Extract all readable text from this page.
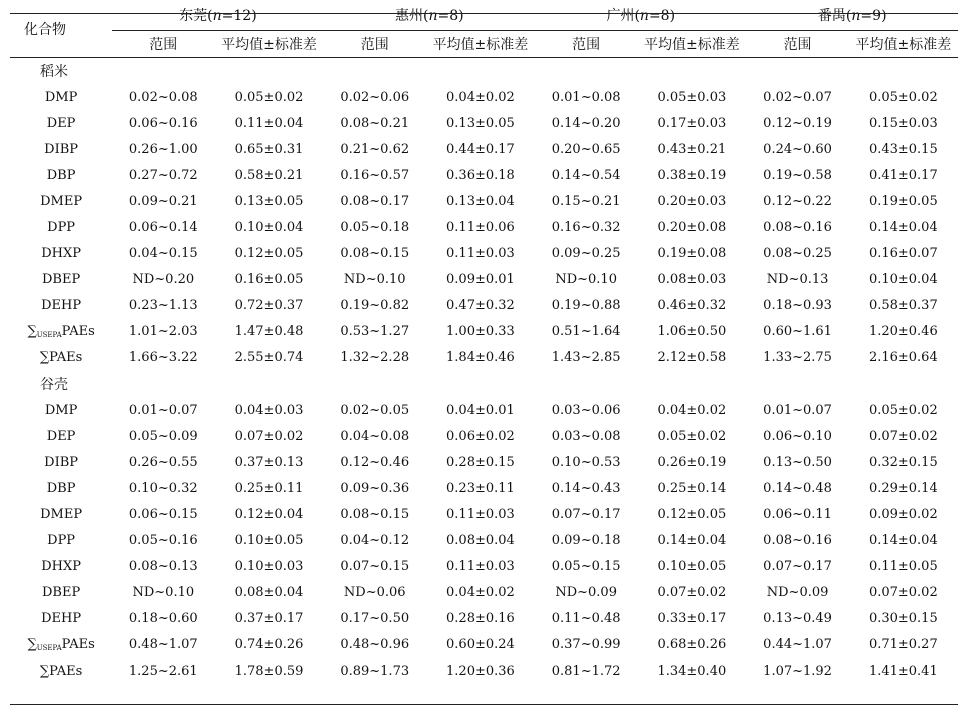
化合物	东莞(n=12)		惠州(n=8)		广州(n=8)		番禺(n=9)	
	范围	平均值±标准差	范围	平均值±标准差	范围	平均值±标准差	范围	平均值±标准差
稻米								
DMP	0.02~0.08	0.05±0.02	0.02~0.06	0.04±0.02	0.01~0.08	0.05±0.03	0.02~0.07	0.05±0.02
DEP	0.06~0.16	0.11±0.04	0.08~0.21	0.13±0.05	0.14~0.20	0.17±0.03	0.12~0.19	0.15±0.03
DIBP	0.26~1.00	0.65±0.31	0.21~0.62	0.44±0.17	0.20~0.65	0.43±0.21	0.24~0.60	0.43±0.15
DBP	0.27~0.72	0.58±0.21	0.16~0.57	0.36±0.18	0.14~0.54	0.38±0.19	0.19~0.58	0.41±0.17
DMEP	0.09~0.21	0.13±0.05	0.08~0.17	0.13±0.04	0.15~0.21	0.20±0.03	0.12~0.22	0.19±0.05
DPP	0.06~0.14	0.10±0.04	0.05~0.18	0.11±0.06	0.16~0.32	0.20±0.08	0.08~0.16	0.14±0.04
DHXP	0.04~0.15	0.12±0.05	0.08~0.15	0.11±0.03	0.09~0.25	0.19±0.08	0.08~0.25	0.16±0.07
DBEP	ND~0.20	0.16±0.05	ND~0.10	0.09±0.01	ND~0.10	0.08±0.03	ND~0.13	0.10±0.04
DEHP	0.23~1.13	0.72±0.37	0.19~0.82	0.47±0.32	0.19~0.88	0.46±0.32	0.18~0.93	0.58±0.37
$\sum_{USEPA}PAEs$	1.01~2.03	1.47±0.48	0.53~1.27	1.00±0.33	0.51~1.64	1.06±0.50	0.60~1.61	1.20±0.46
∑PAEs	1.66~3.22	2.55±0.74	1.32~2.28	1.84±0.46	1.43~2.85	2.12±0.58	1.33~2.75	2.16±0.64
谷壳								
DMP	0.01~0.07	0.04±0.03	0.02~0.05	0.04±0.01	0.03~0.06	0.04±0.02	0.01~0.07	0.05±0.02
DEP	0.05~0.09	0.07±0.02	0.04~0.08	0.06±0.02	0.03~0.08	0.05±0.02	0.06~0.10	0.07±0.02
DIBP	0.26~0.55	0.37±0.13	0.12~0.46	0.28±0.15	0.10~0.53	0.26±0.19	0.13~0.50	0.32±0.15
DBP	0.10~0.32	0.25±0.11	0.09~0.36	0.23±0.11	0.14~0.43	0.25±0.14	0.14~0.48	0.29±0.14
DMEP	0.06~0.15	0.12±0.04	0.08~0.15	0.11±0.03	0.07~0.17	0.12±0.05	0.06~0.11	0.09±0.02
DPP	0.05~0.16	0.10±0.05	0.04~0.12	0.08±0.04	0.09~0.18	0.14±0.04	0.08~0.16	0.14±0.04
DHXP	0.08~0.13	0.10±0.03	0.07~0.15	0.11±0.03	0.05~0.15	0.10±0.05	0.07~0.17	0.11±0.05
DBEP	ND~0.10	0.08±0.04	ND~0.06	0.04±0.02	ND~0.09	0.07±0.02	ND~0.09	0.07±0.02
DEHP	0.18~0.60	0.37±0.17	0.17~0.50	0.28±0.16	0.11~0.48	0.33±0.17	0.13~0.49	0.30±0.15
$\sum_{USEPA}PAEs$	0.48~1.07	0.74±0.26	0.48~0.96	0.60±0.24	0.37~0.99	0.68±0.26	0.44~1.07	0.71±0.27
∑PAEs	1.25~2.61	1.78±0.59	0.89~1.73	1.20±0.36	0.81~1.72	1.34±0.40	1.07~1.92	1.41±0.41
